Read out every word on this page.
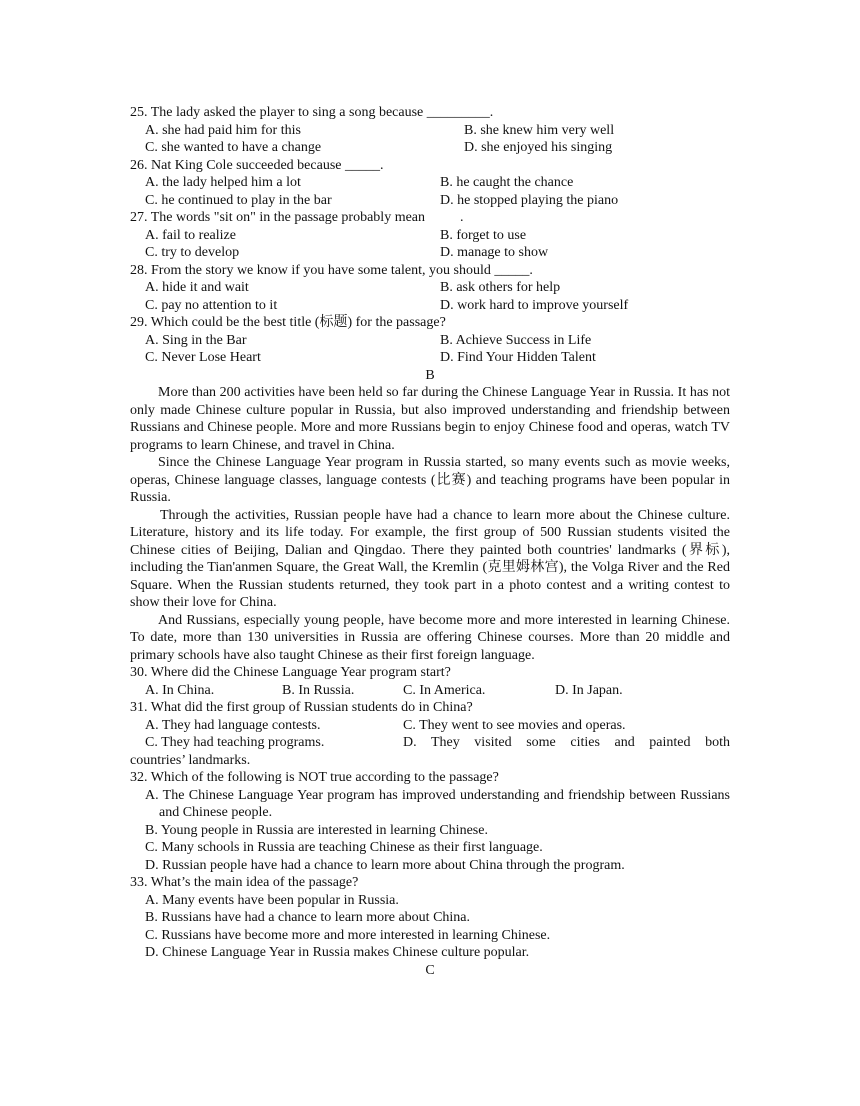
25. The lady asked the player to sing a song because _________.

A. she had paid him for this	B. she knew him very well
C. she wanted to have a change	D. she enjoyed his singing

26. Nat King Cole succeeded because _____.

A. the lady helped him a lot	B. he caught the chance
C. he continued to play in the bar	D. he stopped playing the piano

27. The words "sit on" in the passage probably mean          .

A. fail to realize	B. forget to use
C. try to develop	D. manage to show

28. From the story we know if you have some talent, you should _____.

A. hide it and wait	B. ask others for help
C. pay no attention to it	D. work hard to improve yourself

29. Which could be the best title (标题) for the passage?

A. Sing in the Bar	B. Achieve Success in Life
C. Never Lose Heart	D. Find Your Hidden Talent

B

More than 200 activities have been held so far during the Chinese Language Year in Russia. It has not only made Chinese culture popular in Russia, but also improved understanding and friendship between Russians and Chinese people. More and more Russians begin to enjoy Chinese food and operas, watch TV programs to learn Chinese, and travel in China.

Since the Chinese Language Year program in Russia started, so many events such as movie weeks, operas, Chinese language classes, language contests (比赛) and teaching programs have been popular in Russia.

Through the activities, Russian people have had a chance to learn more about the Chinese culture. Literature, history and its life today. For example, the first group of 500 Russian students visited the Chinese cities of Beijing, Dalian and Qingdao. There they painted both countries' landmarks (界标), including the Tian'anmen Square, the Great Wall, the Kremlin (克里姆林宫), the Volga River and the Red Square. When the Russian students returned, they took part in a photo contest and a writing contest to show their love for China.

And Russians, especially young people, have become more and more interested in learning Chinese. To date, more than 130 universities in Russia are offering Chinese courses. More than 20 middle and primary schools have also taught Chinese as their first foreign language.

30. Where did the Chinese Language Year program start?

A. In China.	B. In Russia.	C. In America.	D. In Japan.

31. What did the first group of Russian students do in China?

A. They had language contests.	C. They went to see movies and operas.
C. They had teaching programs.	D. They visited some cities and painted both

countries’ landmarks.

32. Which of the following is NOT true according to the passage?

A. The Chinese Language Year program has improved understanding and friendship between Russians and Chinese people.

B. Young people in Russia are interested in learning Chinese.

C. Many schools in Russia are teaching Chinese as their first language.

D. Russian people have had a chance to learn more about China through the program.

33. What’s the main idea of the passage?

A. Many events have been popular in Russia.

B. Russians have had a chance to learn more about China.

C. Russians have become more and more interested in learning Chinese.

D. Chinese Language Year in Russia makes Chinese culture popular.

C
